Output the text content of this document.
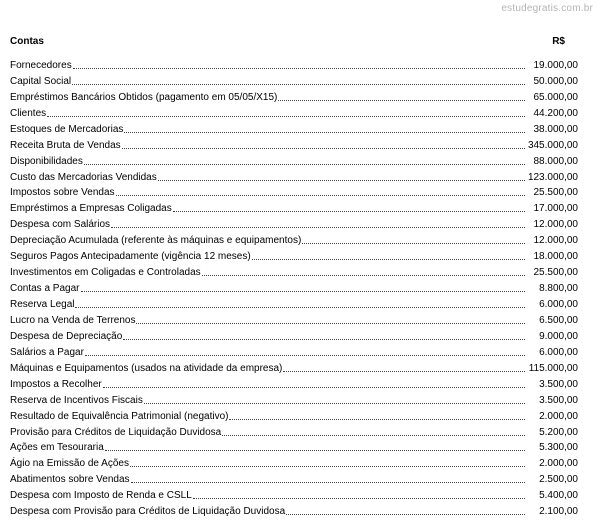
estudegratis.com.br
Contas	R$
Fornecedores	19.000,00
Capital Social	50.000,00
Empréstimos Bancários Obtidos (pagamento em 05/05/X15)	65.000,00
Clientes	44.200,00
Estoques de Mercadorias	38.000,00
Receita Bruta de Vendas	345.000,00
Disponibilidades	88.000,00
Custo das Mercadorias Vendidas	123.000,00
Impostos sobre Vendas	25.500,00
Empréstimos a Empresas Coligadas	17.000,00
Despesa com Salários	12.000,00
Depreciação Acumulada (referente às máquinas e equipamentos)	12.000,00
Seguros Pagos Antecipadamente (vigência 12 meses)	18.000,00
Investimentos em Coligadas e Controladas	25.500,00
Contas a Pagar	8.800,00
Reserva Legal	6.000,00
Lucro na Venda de Terrenos	6.500,00
Despesa de Depreciação	9.000,00
Salários a Pagar	6.000,00
Máquinas e Equipamentos (usados na atividade da empresa)	115.000,00
Impostos a Recolher	3.500,00
Reserva de Incentivos Fiscais	3.500,00
Resultado de Equivalência Patrimonial (negativo)	2.000,00
Provisão para Créditos de Liquidação Duvidosa	5.200,00
Ações em Tesouraria	5.300,00
Ágio na Emissão de Ações	2.000,00
Abatimentos sobre Vendas	2.500,00
Despesa com Imposto de Renda e CSLL	5.400,00
Despesa com Provisão para Créditos de Liquidação Duvidosa	2.100,00
